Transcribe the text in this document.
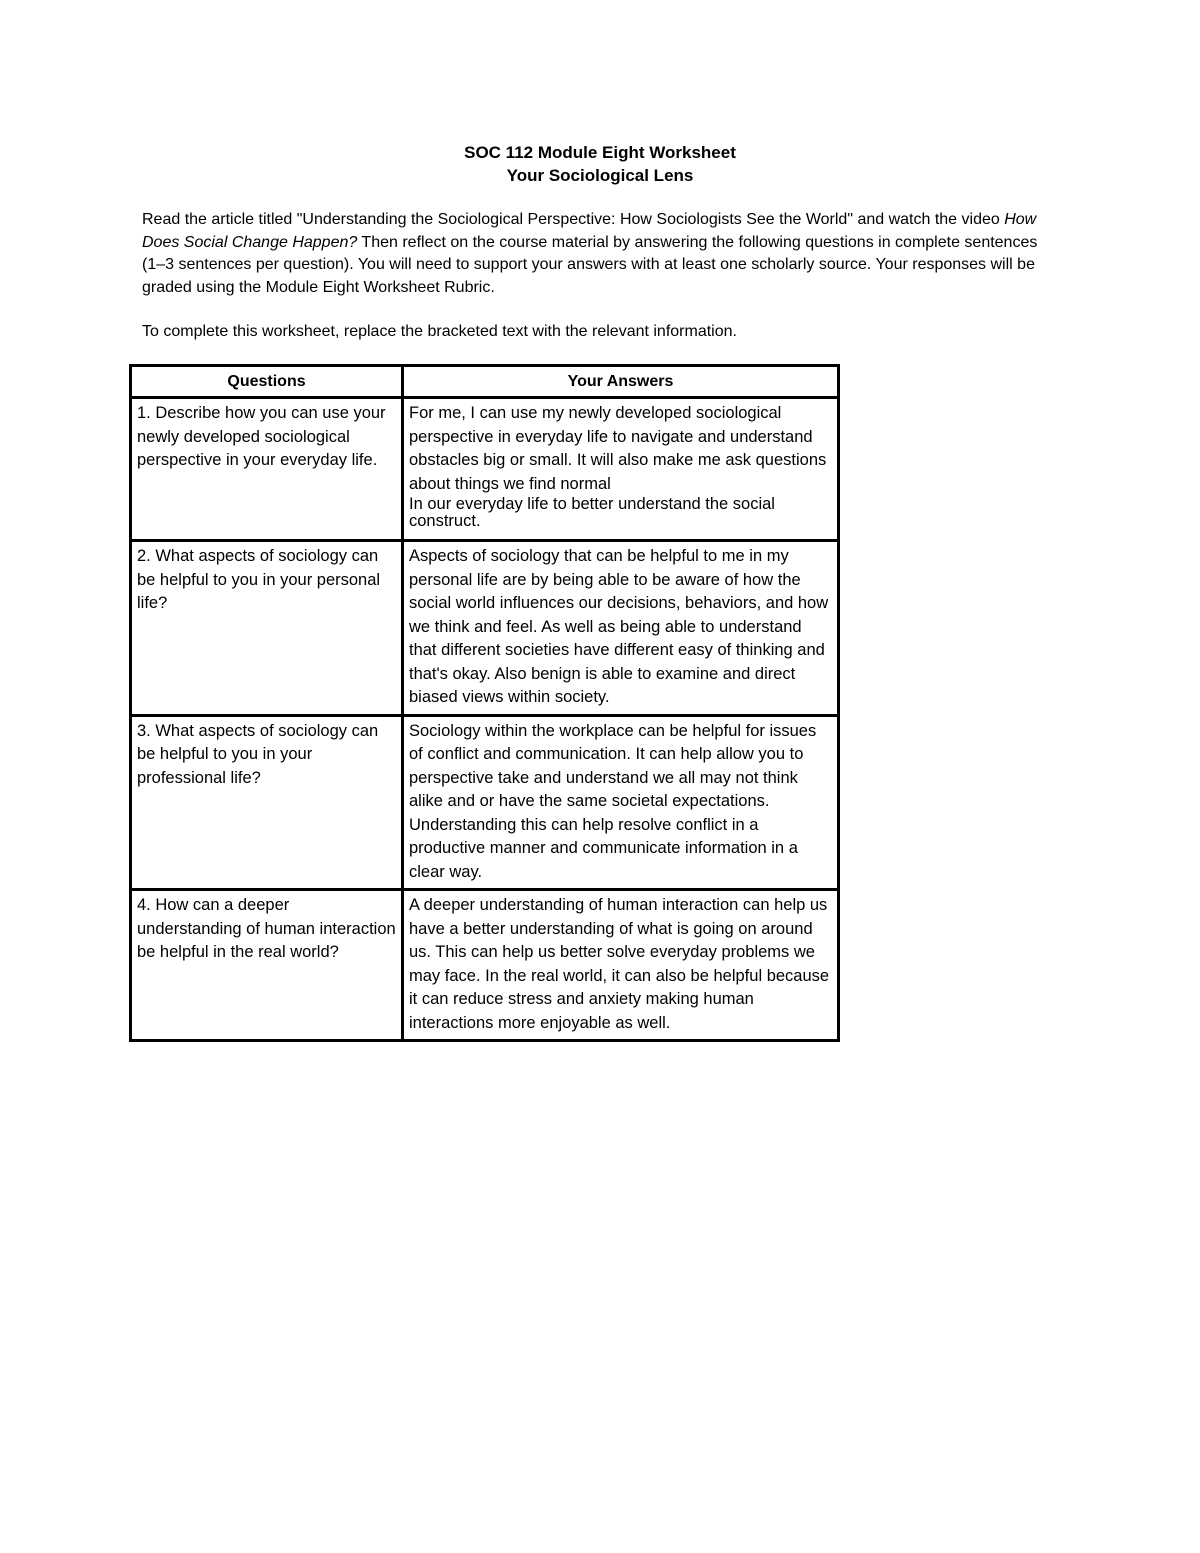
SOC 112 Module Eight Worksheet
Your Sociological Lens

Read the article titled "Understanding the Sociological Perspective: How Sociologists See the World" and watch the video How Does Social Change Happen? Then reflect on the course material by answering the following questions in complete sentences (1–3 sentences per question). You will need to support your answers with at least one scholarly source. Your responses will be graded using the Module Eight Worksheet Rubric.

To complete this worksheet, replace the bracketed text with the relevant information.

Questions	Your Answers

1. Describe how you can use your newly developed sociological perspective in your everyday life.	For me, I can use my newly developed sociological perspective in everyday life to navigate and understand obstacles big or small. It will also make me ask questions about things we find normal
In our everyday life to better understand the social construct.

2. What aspects of sociology can be helpful to you in your personal life?	Aspects of sociology that can be helpful to me in my personal life are by being able to be aware of how the social world influences our decisions, behaviors, and how we think and feel. As well as being able to understand that different societies have different easy of thinking and that's okay. Also benign is able to examine and direct biased views within society.

3. What aspects of sociology can be helpful to you in your professional life?	Sociology within the workplace can be helpful for issues of conflict and communication. It can help allow you to perspective take and understand we all may not think alike and or have the same societal expectations. Understanding this can help resolve conflict in a productive manner and communicate information in a clear way.

4. How can a deeper understanding of human interaction be helpful in the real world?	A deeper understanding of human interaction can help us have a better understanding of what is going on around us. This can help us better solve everyday problems we may face. In the real world, it can also be helpful because it can reduce stress and anxiety making human interactions more enjoyable as well.
